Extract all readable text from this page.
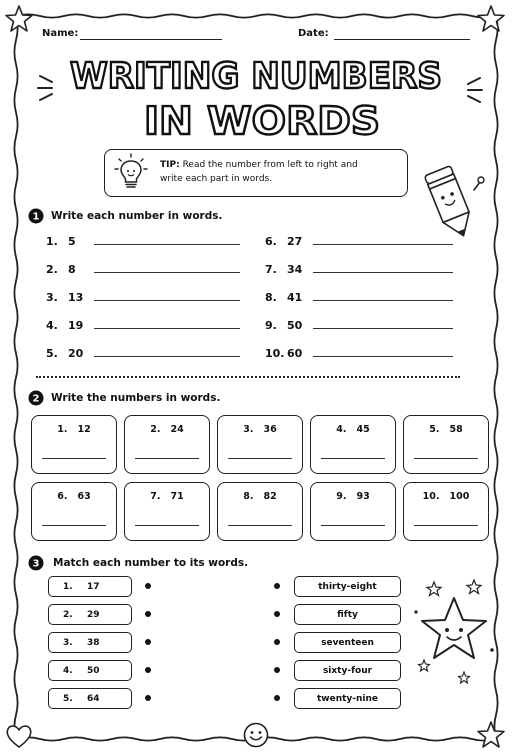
Name:	Date:
WRITING NUMBERS
IN WORDS
TIP: Read the number from left to right and
write each part in words.
1 Write each number in words.
1. 5
2. 8
3. 13
4. 19
5. 20
6. 27
7. 34
8. 41
9. 50
10. 60
2 Write the numbers in words.
1. 12	2. 24	3. 36	4. 45	5. 58
6. 63	7. 71	8. 82	9. 93	10. 100
3 Match each number to its words.
1.	17	thirty-eight
2.	29	fifty
3.	38	seventeen
4.	50	sixty-four
5.	64	twenty-nine
